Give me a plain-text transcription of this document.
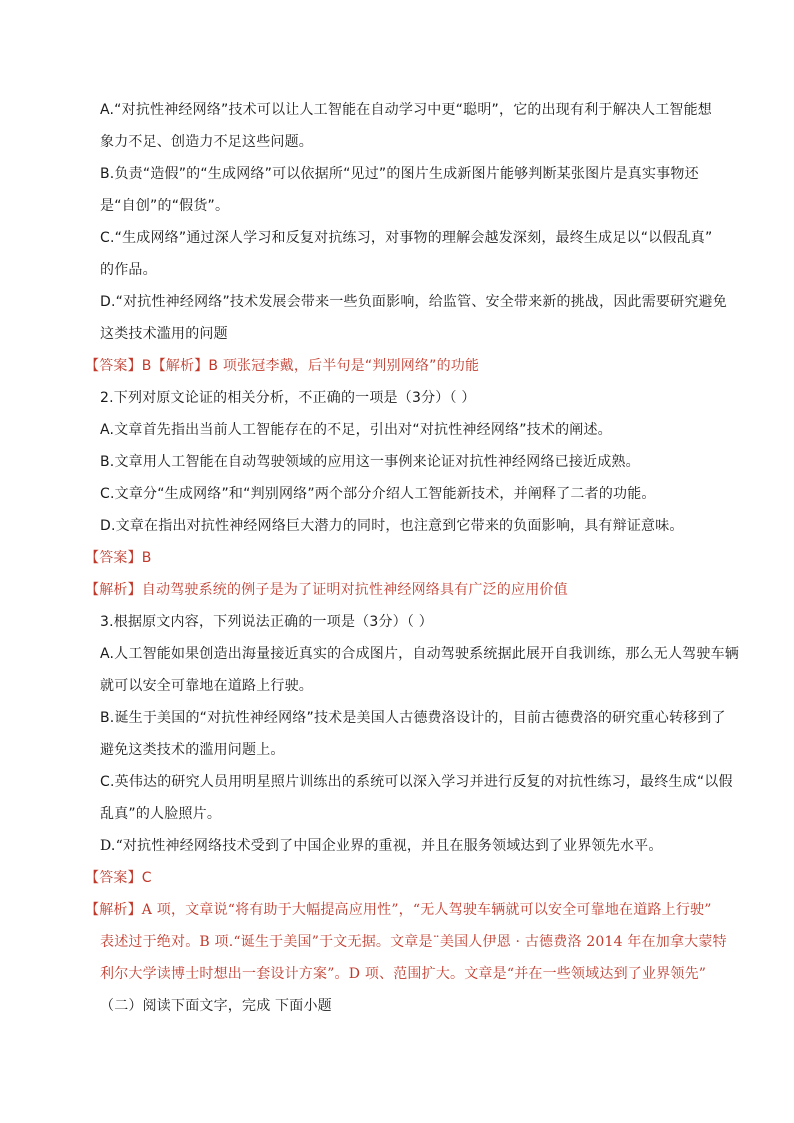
A.“对抗性神经网络”技术可以让人工智能在自动学习中更“聪明”，它的出现有利于解决人工智能想
象力不足、创造力不足这些问题。
B.负责“造假”的“生成网络”可以依据所“见过”的图片生成新图片能够判断某张图片是真实事物还
是“自创”的“假货”。
C.“生成网络”通过深人学习和反复对抗练习，对事物的理解会越发深刻，最终生成足以“以假乱真”
的作品。
D.“对抗性神经网络”技术发展会带来一些负面影响，给监管、安全带来新的挑战，因此需要研究避免
这类技术滥用的问题
【答案】B【解析】B 项张冠李戴，后半句是“判别网络”的功能
2.下列对原文论证的相关分析，不正确的一项是（3分）（ ）
A.文章首先指出当前人工智能存在的不足，引出对“对抗性神经网络”技术的阐述。
B.文章用人工智能在自动驾驶领域的应用这一事例来论证对抗性神经网络已接近成熟。
C.文章分“生成网络”和“判别网络”两个部分介绍人工智能新技术，并阐释了二者的功能。
D.文章在指出对抗性神经网络巨大潜力的同时，也注意到它带来的负面影响，具有辩证意味。
【答案】B
【解析】自动驾驶系统的例子是为了证明对抗性神经网络具有广泛的应用价值
3.根据原文内容，下列说法正确的一项是（3分）（ ）
A.人工智能如果创造出海量接近真实的合成图片，自动驾驶系统据此展开自我训练，那么无人驾驶车辆
就可以安全可靠地在道路上行驶。
B.诞生于美国的“对抗性神经网络”技术是美国人古德费洛设计的，目前古德费洛的研究重心转移到了
避免这类技术的滥用问题上。
C.英伟达的研究人员用明星照片训练出的系统可以深入学习并进行反复的对抗性练习，最终生成“以假
乱真”的人脸照片。
D.“对抗性神经网络技术受到了中国企业界的重视，并且在服务领域达到了业界领先水平。
【答案】C
【解析】A 项，文章说“将有助于大幅提高应用性”，“无人驾驶车辆就可以安全可靠地在道路上行驶”
表述过于绝对。B 项.“诞生于美国”于文无据。文章是¨美国人伊恩 · 古德费洛 2014 年在加拿大蒙特
利尔大学读博士时想出一套设计方案”。D 项、范围扩大。文章是“并在一些领域达到了业界领先”
（二）阅读下面文字，完成 下面小题
